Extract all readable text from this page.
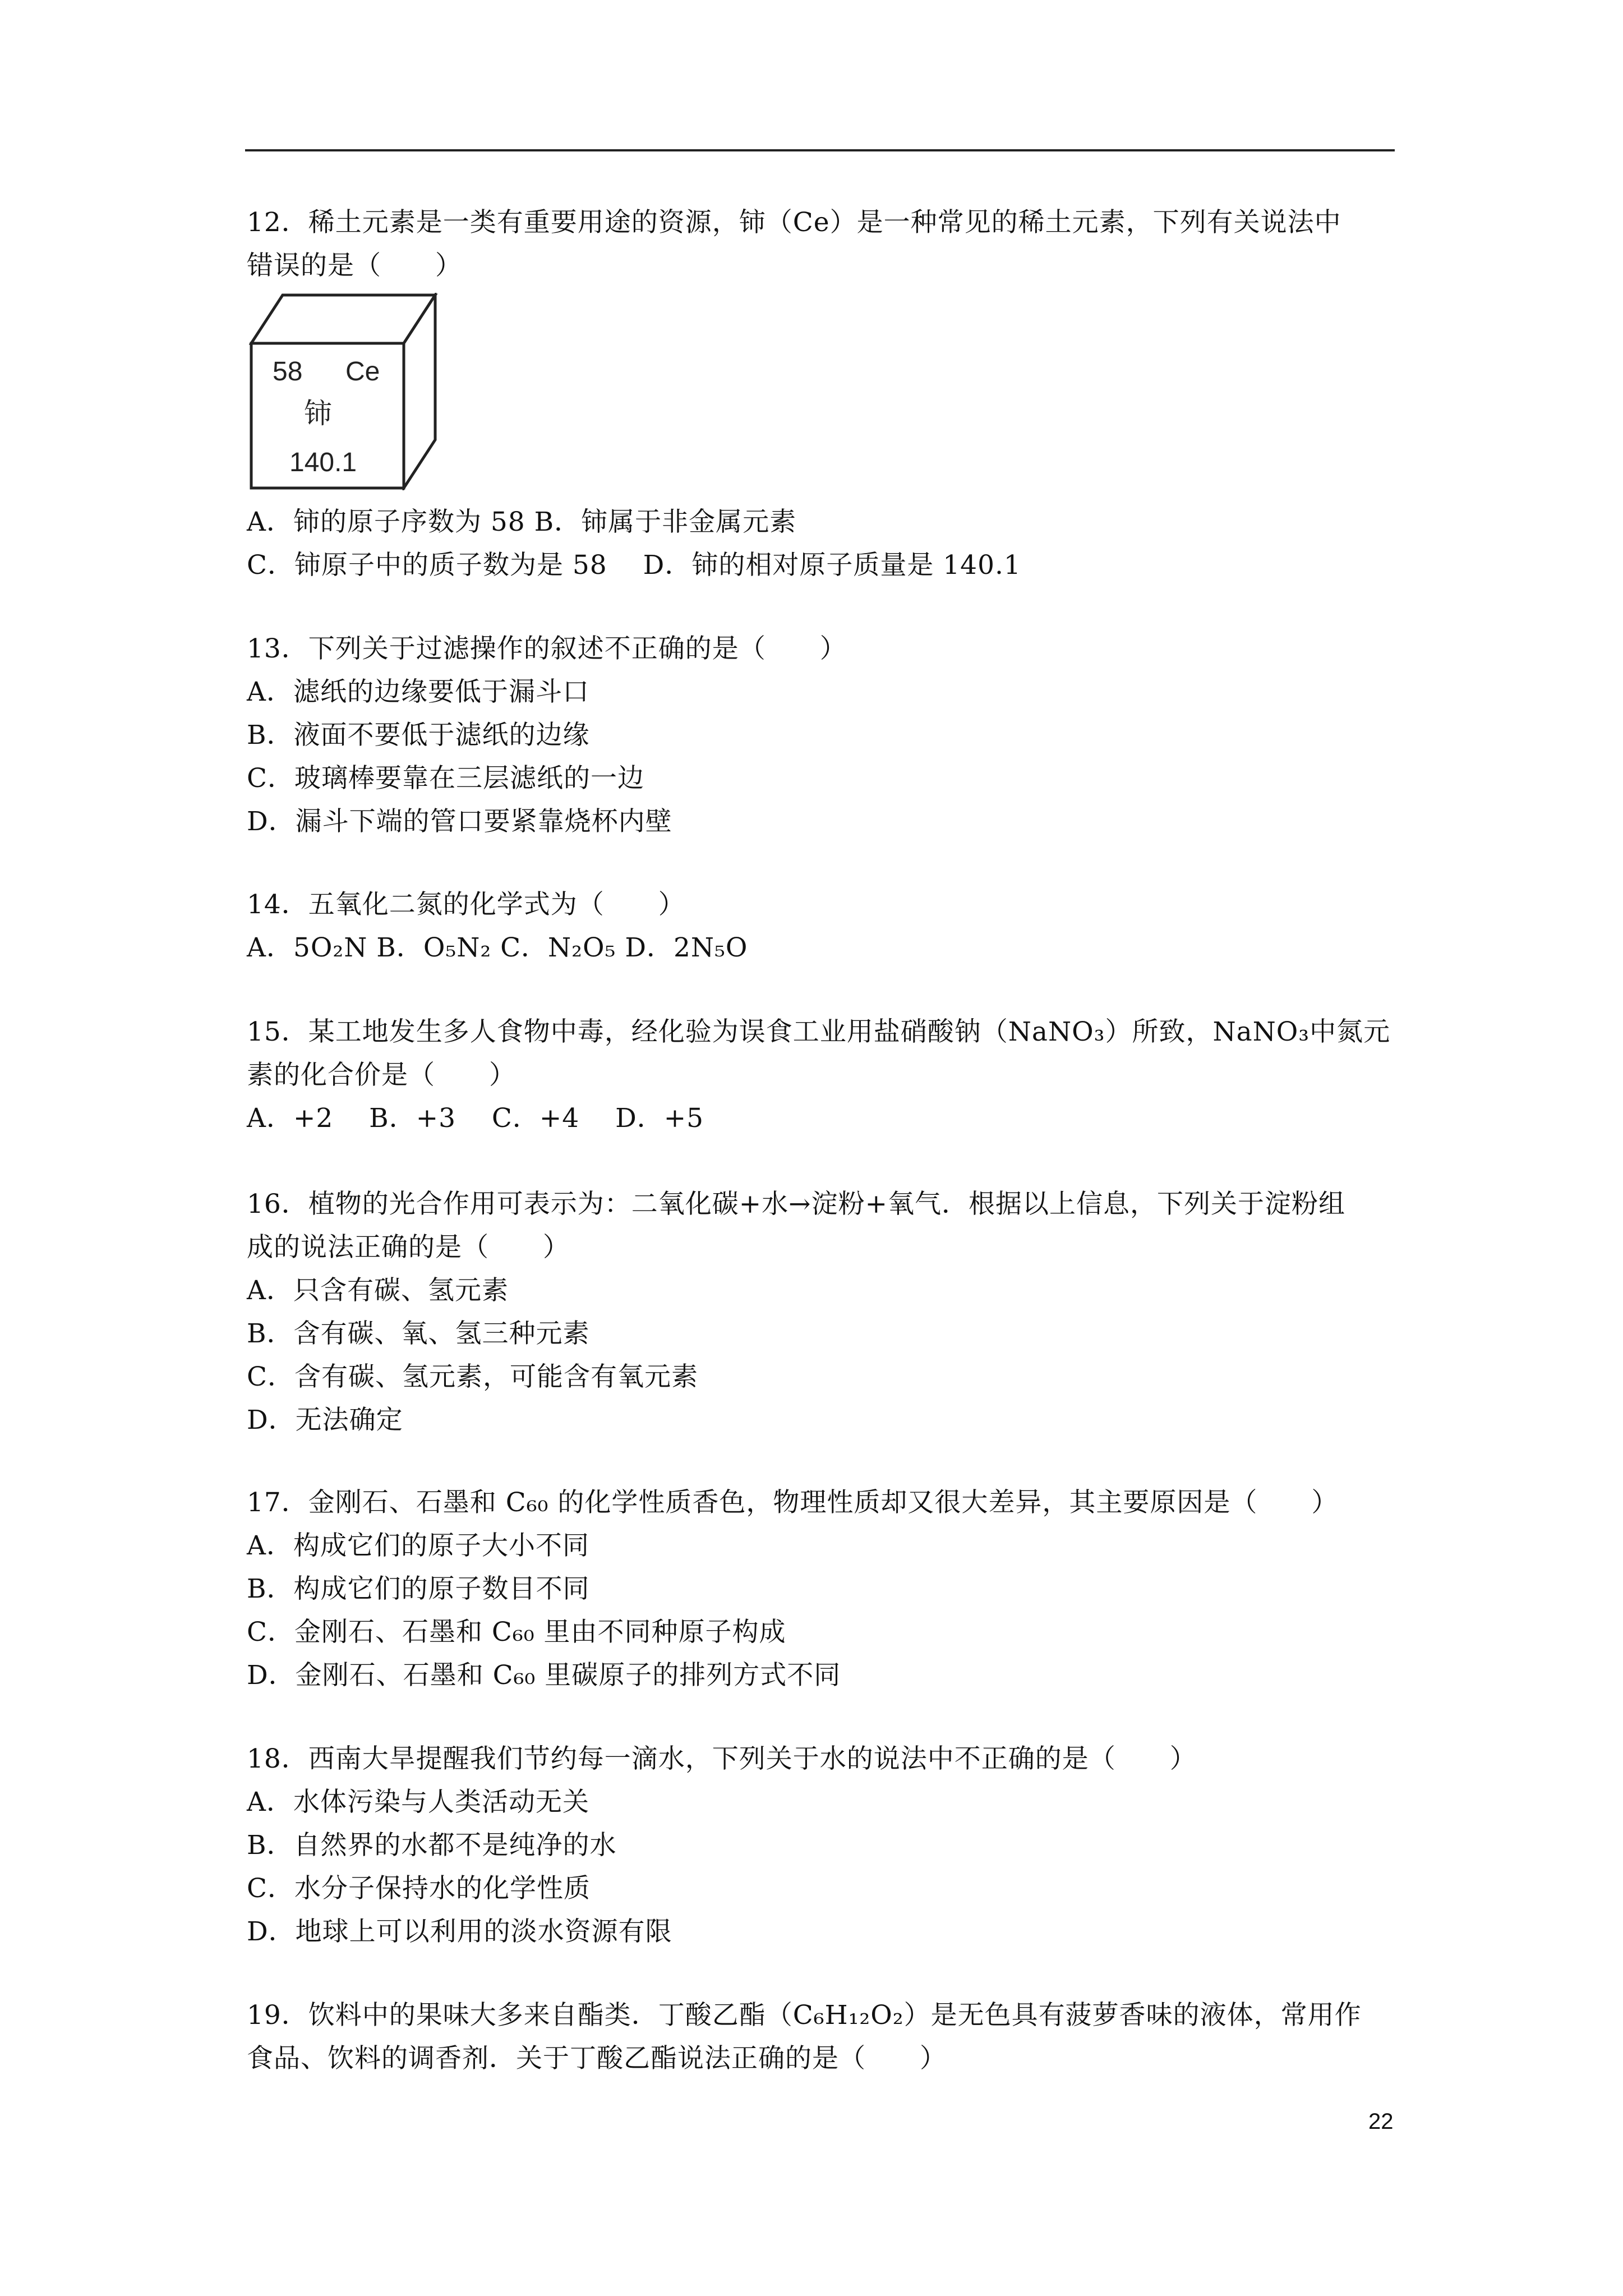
12．稀土元素是一类有重要用途的资源，铈（Ce）是一种常见的稀土元素，下列有关说法中
错误的是（　　）
58 Ce
铈
140.1
A．铈的原子序数为 58 B．铈属于非金属元素
C．铈原子中的质子数为是 58　 D．铈的相对原子质量是 140.1
13．下列关于过滤操作的叙述不正确的是（　　）
A．滤纸的边缘要低于漏斗口
B．液面不要低于滤纸的边缘
C．玻璃棒要靠在三层滤纸的一边
D．漏斗下端的管口要紧靠烧杯内壁
14．五氧化二氮的化学式为（　　）
A．5O₂N B．O₅N₂ C．N₂O₅ D．2N₅O
15．某工地发生多人食物中毒，经化验为误食工业用盐硝酸钠（NaNO₃）所致，NaNO₃中氮元
素的化合价是（　　）
A．+2　 B．+3　 C．+4　 D．+5
16．植物的光合作用可表示为：二氧化碳+水→淀粉+氧气．根据以上信息，下列关于淀粉组
成的说法正确的是（　　）
A．只含有碳、氢元素
B．含有碳、氧、氢三种元素
C．含有碳、氢元素，可能含有氧元素
D．无法确定
17．金刚石、石墨和 C₆₀ 的化学性质香色，物理性质却又很大差异，其主要原因是（　　）
A．构成它们的原子大小不同
B．构成它们的原子数目不同
C．金刚石、石墨和 C₆₀ 里由不同种原子构成
D．金刚石、石墨和 C₆₀ 里碳原子的排列方式不同
18．西南大旱提醒我们节约每一滴水，下列关于水的说法中不正确的是（　　）
A．水体污染与人类活动无关
B．自然界的水都不是纯净的水
C．水分子保持水的化学性质
D．地球上可以利用的淡水资源有限
19．饮料中的果味大多来自酯类．丁酸乙酯（C₆H₁₂O₂）是无色具有菠萝香味的液体，常用作
食品、饮料的调香剂．关于丁酸乙酯说法正确的是（　　）
22
